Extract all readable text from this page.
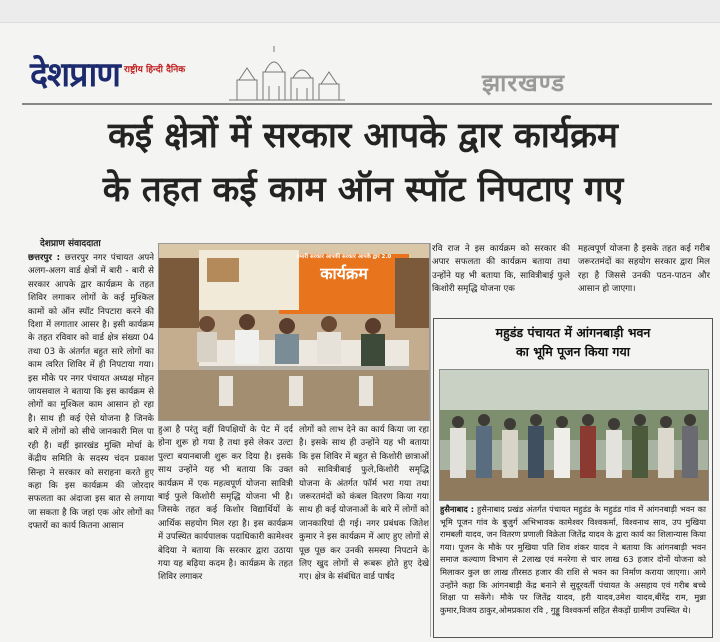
देशप्राण राष्ट्रीय हिन्दी दैनिक	झारखण्ड
कई क्षेत्रों में सरकार आपके द्वार कार्यक्रम
के तहत कई काम ऑन स्पॉट निपटाए गए
देशप्राण संवाददाता
छत्तरपुर : छत्तरपुर नगर पंचायत अपने अलग-अलग वार्ड क्षेत्रों में बारी - बारी से सरकार आपके द्वार कार्यक्रम के तहत शिविर लगाकर लोगों के कई मुश्किल कामों को ऑन स्पॉट निपटारा करने की दिशा में लगातार आसर है। इसी कार्यक्रम के तहत रविवार को वार्ड क्षेत्र संख्या 04 तथा 03 के अंतर्गत बहुत सारे लोगों का काम त्वरित शिविर में ही निपटाया गया। इस मौके पर नगर पंचायत अध्यक्ष मोहन जायसवाल ने बताया कि इस कार्यक्रम से लोगों का मुश्किल काम आसान हो रहा है। साथ ही कई ऐसे योजना है जिनके बारे में लोगों को सीधे जानकारी मिल पा रही है। वहीं झारखंड मुक्ति मोर्चा के केंद्रीय समिति के सदस्य चंदन प्रकाश सिन्हा ने सरकार को सराहना करते हुए कहा कि इस कार्यक्रम की जोरदार सफलता का अंदाजा इस बात से लगाया जा सकता है कि जहां एक ओर लोगों का दफ्तरों का कार्य कितना आसान
हमारी सरकार आपकी सरकार आपके द्वार 2.0
कार्यक्रम
हुआ है परंतु वहीं विपक्षियों के पेट में दर्द होना शुरू हो गया है तथा इसे लेकर उल्टा पुल्टा बयानबाजी शुरू कर दिया है। इसके साथ उन्होंने यह भी बताया कि उक्त कार्यक्रम में एक महत्वपूर्ण योजना सावित्री बाई फुले किशोरी समृद्धि योजना भी है। जिसके तहत कई किशोर विद्यार्थियों के आर्थिक सहयोग मिल रहा है। इस कार्यक्रम में उपस्थित कार्यपालक पदाधिकारी कामेश्वर बेदिया ने बताया कि सरकार द्वारा उठाया गया यह बढ़िया कदम है। कार्यक्रम के तहत शिविर लगाकर
लोगों को लाभ देने का कार्य किया जा रहा है। इसके साथ ही उन्होंने यह भी बताया कि इस शिविर में बहुत से किशोरी छात्राओं को सावित्रीबाई फुले,किशोरी समृद्धि योजना के अंतर्गत फॉर्म भरा गया तथा जरूरतमंदों को कंबल वितरण किया गया साथ ही कई योजनाओं के बारे में लोगों को जानकारियां दी गई। नगर प्रबंधक जितेश कुमार ने इस कार्यक्रम में आए हुए लोगों से पूछ पूछ कर उनकी समस्या निपटाने के लिए खुद लोगों से रूबरू होते हुए देखे गए। क्षेत्र के संबंधित वार्ड पार्षद
रवि राज ने इस कार्यक्रम को सरकार की अपार सफलता की कार्यक्रम बताया तथा उन्होंने यह भी बताया कि, सावित्रीबाई फुले किशोरी समृद्धि योजना एक
महत्वपूर्ण योजना है इसके तहत कई गरीब जरूरतमंदों का सहयोग सरकार द्वारा मिल रहा है जिससे उनकी पठन-पाठन और आसान हो जाएगा।
महुडंड पंचायत में आंगनबाड़ी भवन
का भूमि पूजन किया गया
हुसैनाबाद : हुसैनाबाद प्रखंड अंतर्गत पंचायत महुडंड के महुडंड गांव में आंगनबाड़ी भवन का भूमि पूजन गांव के बुजुर्ग अभिभावक कामेश्वर विश्वकर्मा, विश्वनाथ साव, उप मुखिया रामबली यादव, जन वितरण प्रणाली विक्रेता जितेंद्र यादव के द्वारा कार्य का शिलान्यास किया गया। पूजन के मौके पर मुखिया पति शिव शंकर यादव ने बताया कि आंगनबाड़ी भवन समाज कल्याण विभाग से 2लाख एवं मनरेगा से चार लाख 63 हजार दोनों योजना को मिलाकर कुल छः लाख तीरसठ हजार की राशि से भवन का निर्माण कराया जाएगा। आगे उन्होंने कहा कि आंगनबाड़ी केंद्र बनाने से सुदूरवर्ती पंचायत के असहाय एवं गरीब बच्चे शिक्षा पा सकेंगे। मौके पर जितेंद्र यादव, हरी यादव,उमेश यादव,बीरेंद्र राम, मुन्ना कुमार,विजय ठाकुर,ओमप्रकाश रवि , गुड्डू विश्वकर्मा सहित सैकड़ों ग्रामीण उपस्थित थे।
